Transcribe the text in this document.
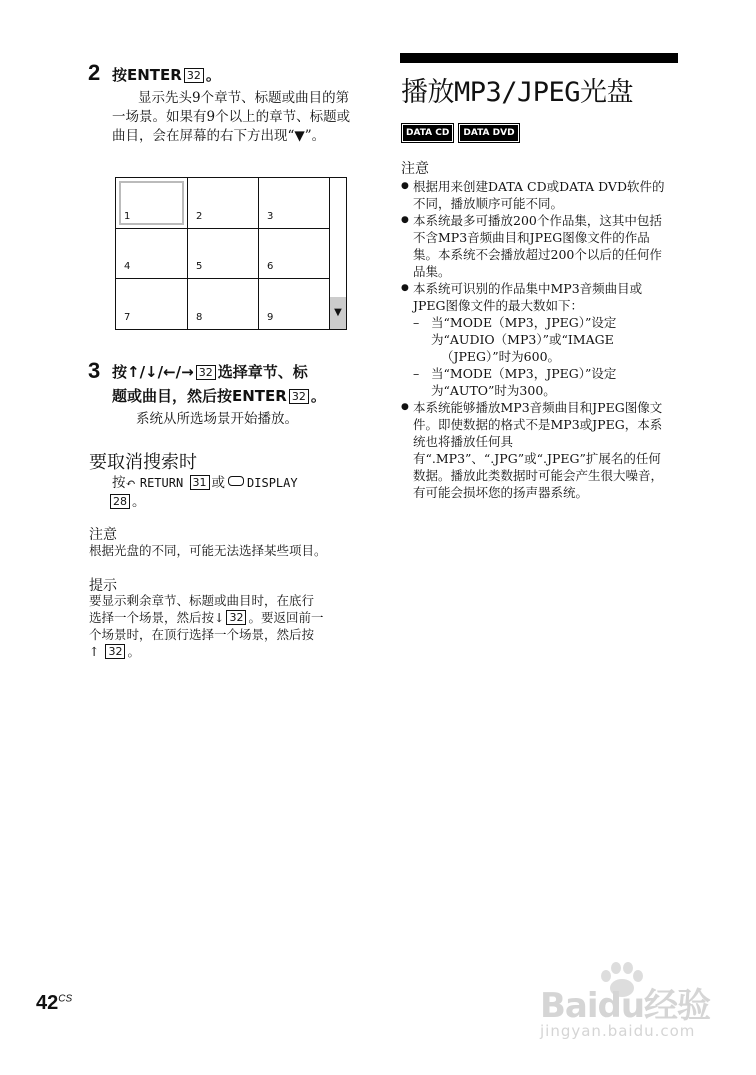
2 按ENTER 32 。
显示先头9个章节、标题或曲目的第一场景。如果有9个以上的章节、标题或曲目，会在屏幕的右下方出现“▼”。
1	2	3
4	5	6
7	8	9	▼
3 按↑/↓/←/→ 32 选择章节、标
题或曲目，然后按ENTER 32 。
系统从所选场景开始播放。
要取消搜索时
按↶ RETURN 31 或 DISPLAY
28 。
注意
根据光盘的不同，可能无法选择某些项目。
提示
要显示剩余章节、标题或曲目时，在底行
选择一个场景，然后按↓ 32 。要返回前一
个场景时，在顶行选择一个场景，然后按
↑ 32 。
播放MP3/JPEG光盘
DATA CD DATA DVD
注意
● 根据用来创建DATA CD或DATA DVD软件的不同，播放顺序可能不同。
● 本系统最多可播放200个作品集，这其中包括不含MP3音频曲目和JPEG图像文件的作品集。本系统不会播放超过200个以后的任何作品集。
● 本系统可识别的作品集中MP3音频曲目或JPEG图像文件的最大数如下：
– 当“MODE（MP3，JPEG）”设定
为“AUDIO（MP3）”或“IMAGE
（JPEG）”时为600。
– 当“MODE（MP3，JPEG）”设定
为“AUTO”时为300。
● 本系统能够播放MP3音频曲目和JPEG图像文件。即使数据的格式不是MP3或JPEG，本系统也将播放任何具有“.MP3”、“.JPG”或“.JPEG”扩展名的任何数据。播放此类数据时可能会产生很大噪音，有可能会损坏您的扬声器系统。
$42^{CS}$	Baidu经验
jingyan.baidu.com
